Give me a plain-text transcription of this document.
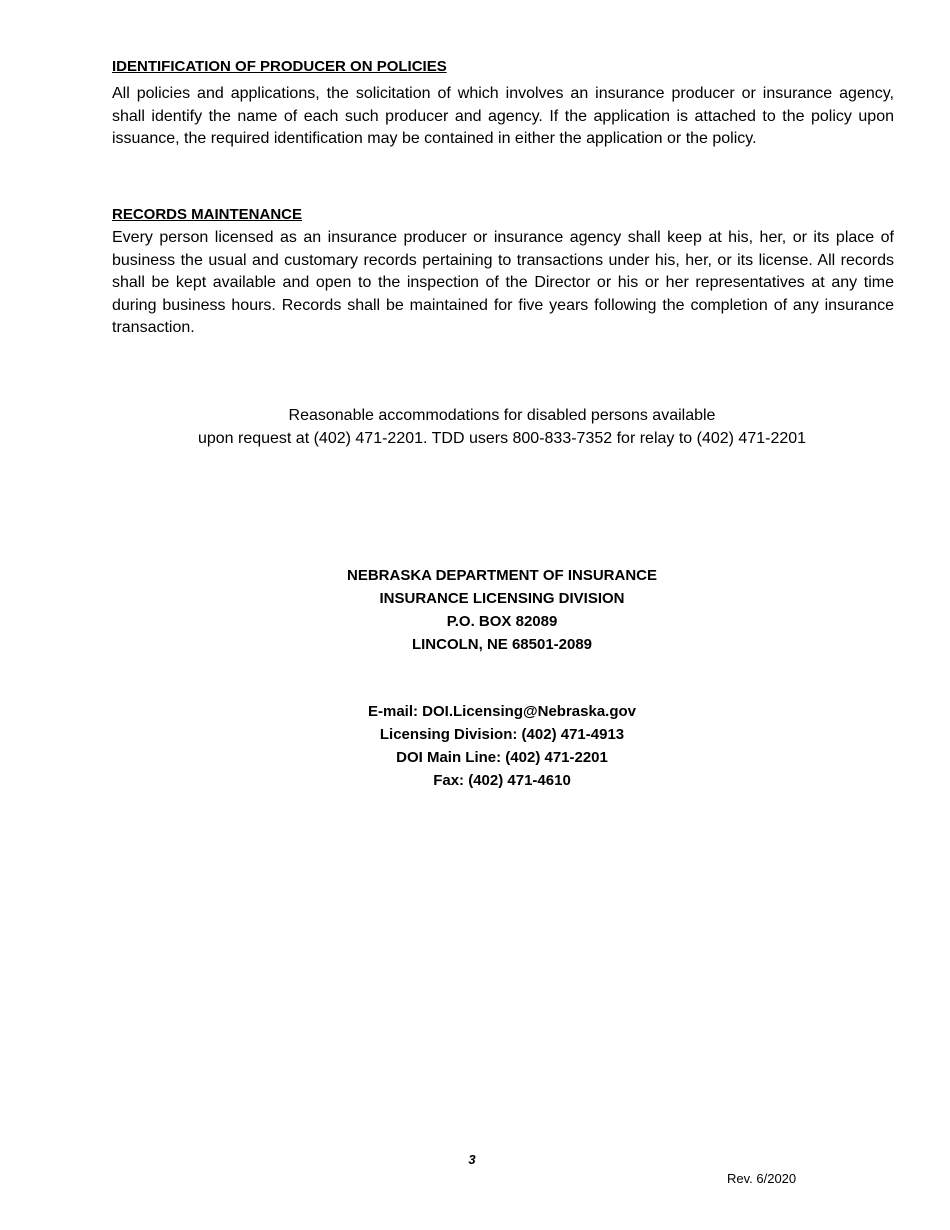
IDENTIFICATION OF PRODUCER ON POLICIES

All policies and applications, the solicitation of which involves an insurance producer or insurance agency, shall identify the name of each such producer and agency. If the application is attached to the policy upon issuance, the required identification may be contained in either the application or the policy.

RECORDS MAINTENANCE

Every person licensed as an insurance producer or insurance agency shall keep at his, her, or its place of business the usual and customary records pertaining to transactions under his, her, or its license. All records shall be kept available and open to the inspection of the Director or his or her representatives at any time during business hours. Records shall be maintained for five years following the completion of any insurance transaction.

Reasonable accommodations for disabled persons available
upon request at (402) 471-2201. TDD users 800-833-7352 for relay to (402) 471-2201
NEBRASKA DEPARTMENT OF INSURANCE
INSURANCE LICENSING DIVISION
P.O. BOX 82089
LINCOLN, NE 68501-2089
E-mail: DOI.Licensing@Nebraska.gov
Licensing Division: (402) 471-4913
DOI Main Line: (402) 471-2201
Fax: (402) 471-4610
3
Rev. 6/2020
